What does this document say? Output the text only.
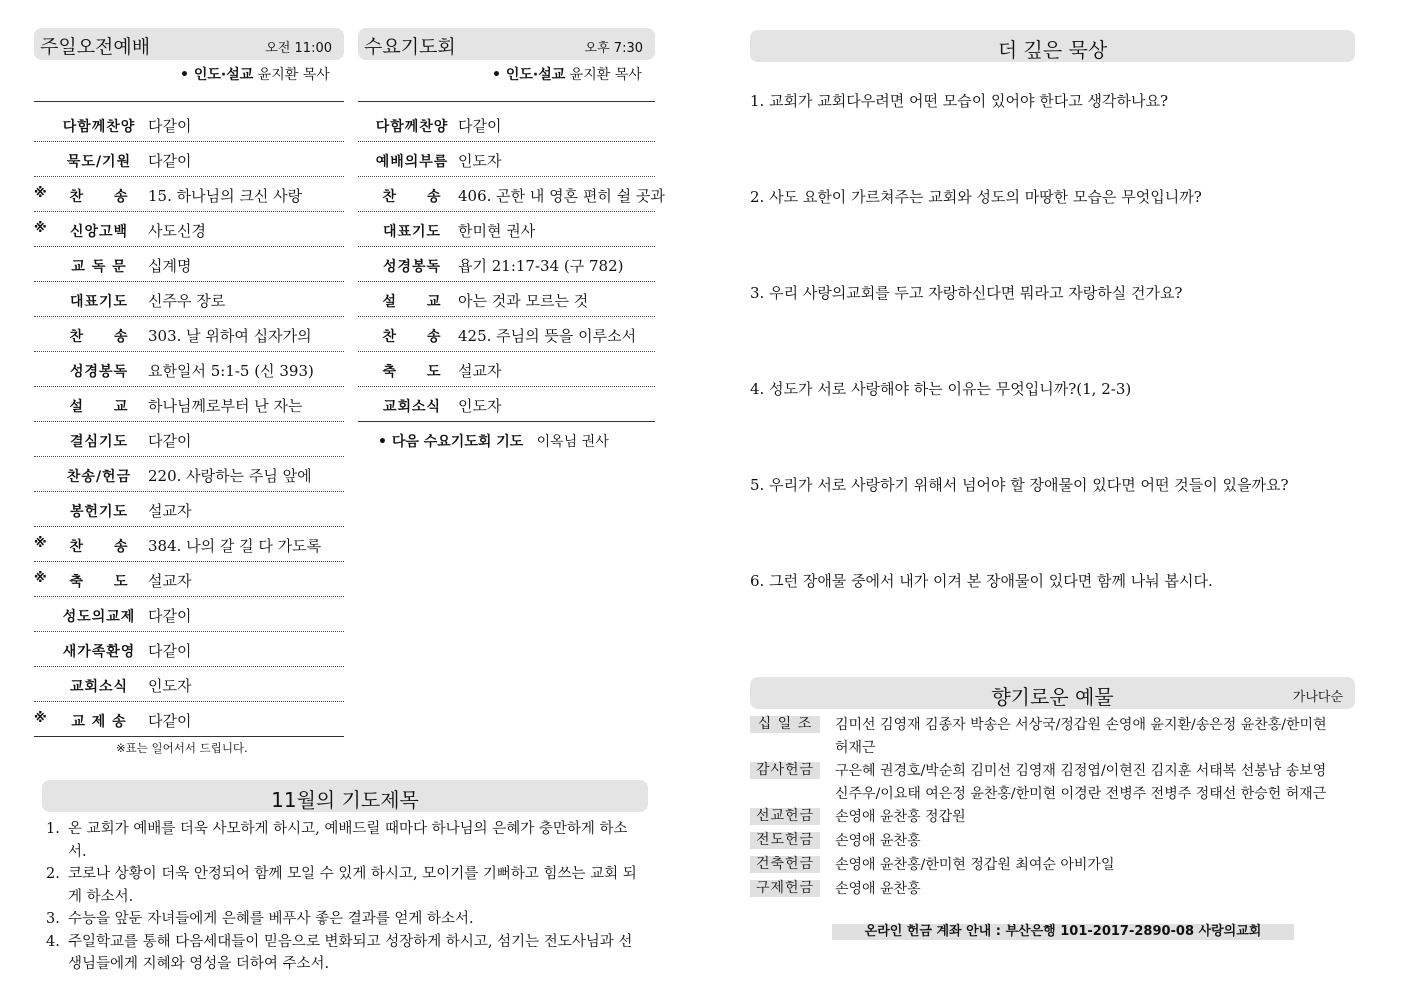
주일오전예배	오전 11:00
• 인도·설교 윤지환 목사
다함께찬양 다같이
묵도/기원	다같이
※	찬　　송	15. 하나님의 크신 사랑
※	신앙고백	사도신경
교 독 문	십계명
대표기도	신주우 장로
찬　　송	303. 날 위하여 십자가의
성경봉독	요한일서 5:1-5 (신 393)
설　　교	하나님께로부터 난 자는
결심기도	다같이
찬송/헌금	220. 사랑하는 주님 앞에
봉헌기도	설교자
※	찬　　송	384. 나의 갈 길 다 가도록
※	축　　도	설교자
성도의교제 다같이
새가족환영 다같이
교회소식	인도자
※	교 제 송	다같이
※표는 일어서서 드립니다.
수요기도회	오후 7:30
• 인도·설교 윤지환 목사
다함께찬양 다같이
예배의부름 인도자
찬　　송	406. 곤한 내 영혼 편히 쉴 곳과
대표기도	한미현 권사
성경봉독	욥기 21:17-34 (구 782)
설　　교	아는 것과 모르는 것
찬　　송	425. 주님의 뜻을 이루소서
축　　도	설교자
교회소식	인도자
• 다음 수요기도회 기도 이옥님 권사
11월의 기도제목
1. 온 교회가 예배를 더욱 사모하게 하시고, 예배드릴 때마다 하나님의 은혜가 충만하게 하소서.
2. 코로나 상황이 더욱 안정되어 함께 모일 수 있게 하시고, 모이기를 기뻐하고 힘쓰는 교회 되게 하소서.
3. 수능을 앞둔 자녀들에게 은혜를 베푸사 좋은 결과를 얻게 하소서.
4. 주일학교를 통해 다음세대들이 믿음으로 변화되고 성장하게 하시고, 섬기는 전도사님과 선생님들에게 지혜와 영성을 더하여 주소서.
더 깊은 묵상
1. 교회가 교회다우려면 어떤 모습이 있어야 한다고 생각하나요?
2. 사도 요한이 가르쳐주는 교회와 성도의 마땅한 모습은 무엇입니까?
3. 우리 사랑의교회를 두고 자랑하신다면 뭐라고 자랑하실 건가요?
4. 성도가 서로 사랑해야 하는 이유는 무엇입니까?(1, 2-3)
5. 우리가 서로 사랑하기 위해서 넘어야 할 장애물이 있다면 어떤 것들이 있을까요?
6. 그런 장애물 중에서 내가 이겨 본 장애물이 있다면 함께 나눠 봅시다.
향기로운 예물	가나다순
십 일 조	김미선 김영재 김종자 박송은 서상국/정갑원 손영애 윤지환/송은정 윤찬홍/한미현 허재근
감사헌금	구은혜 권경호/박순희 김미선 김영재 김정엽/이현진 김지훈 서태복 선봉남 송보영 신주우/이요태 여은정 윤찬홍/한미현 이경란 전병주 전병주 정태선 한승헌 허재근
선교헌금	손영애 윤찬홍 정갑원
전도헌금	손영애 윤찬홍
건축헌금	손영애 윤찬홍/한미현 정갑원 최여순 아비가일
구제헌금	손영애 윤찬홍
온라인 헌금 계좌 안내 : 부산은행 101-2017-2890-08 사랑의교회
